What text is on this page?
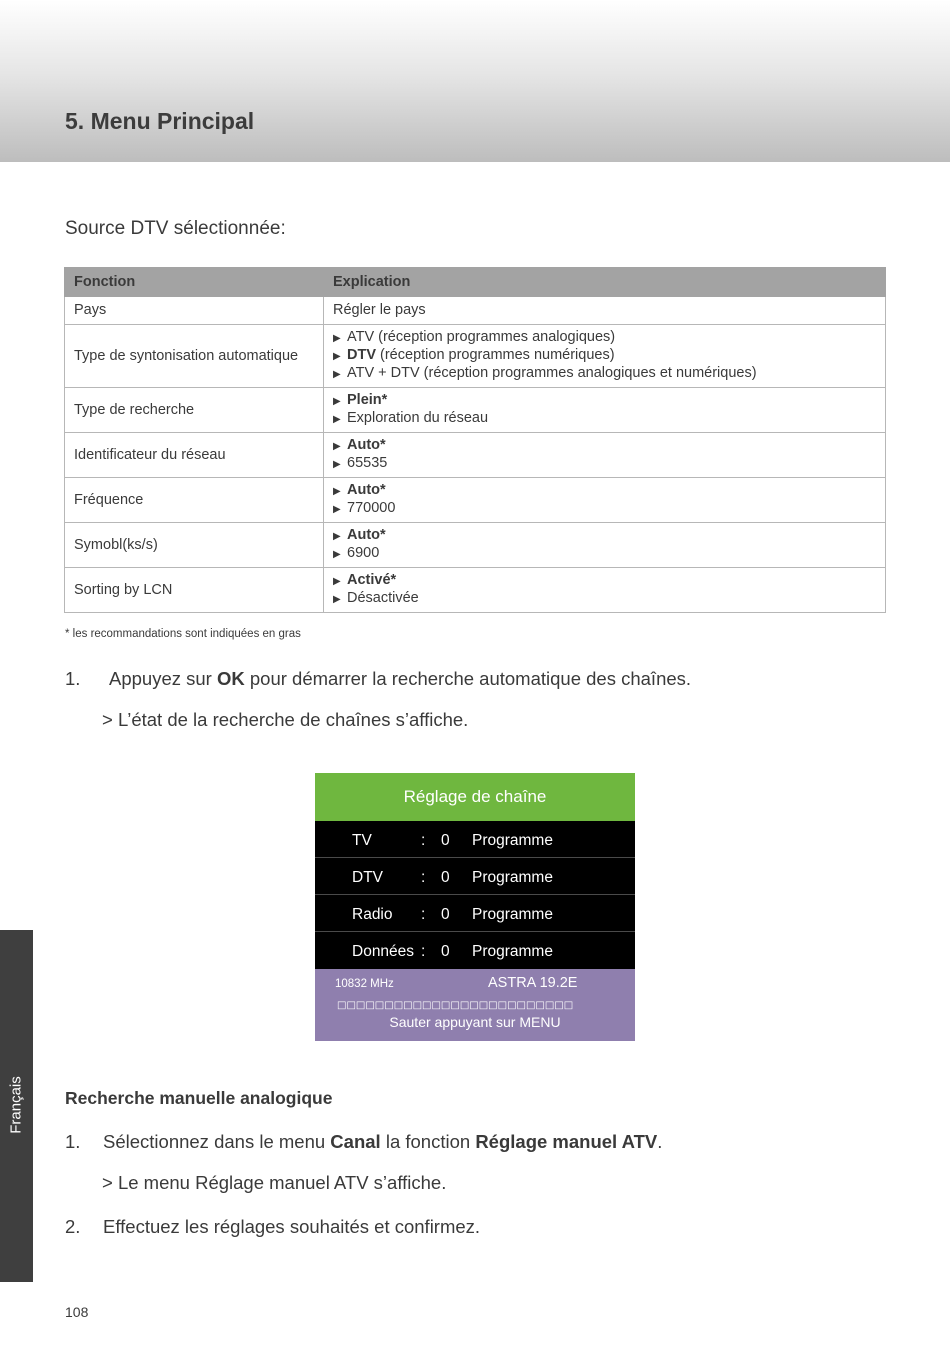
5. Menu Principal

Source DTV sélectionnée:

Fonction	Explication
Pays	Régler le pays
Type de syntonisation automatique	▶ ATV (réception programmes analogiques)
▶ DTV (réception programmes numériques)
▶ ATV + DTV (réception programmes analogiques et numériques)

Type de recherche	▶ Plein*
▶ Exploration du réseau

Identificateur du réseau	▶ Auto*
▶ 65535

Fréquence	▶ Auto*
▶ 770000

Symobl(ks/s)	▶ Auto*
▶ 6900

Sorting by LCN	▶ Activé*
▶ Désactivée

* les recommandations sont indiquées en gras

1. Appuyez sur OK pour démarrer la recherche automatique des chaînes.

> L’état de la recherche de chaînes s’affiche.

Réglage de chaîne
TV	: 0 Programme
DTV : 0 Programme
Radio : 0 Programme
Données : 0 Programme
10832 MHz	ASTRA 19.2E
□□□□□□□□□□□□□□□□□□□□□□□□□
Sauter appuyant sur MENU
Recherche manuelle analogique

1. Sélectionnez dans le menu Canal la fonction Réglage manuel ATV.

> Le menu Réglage manuel ATV s’affiche.

2. Effectuez les réglages souhaités et confirmez.

Français

108
